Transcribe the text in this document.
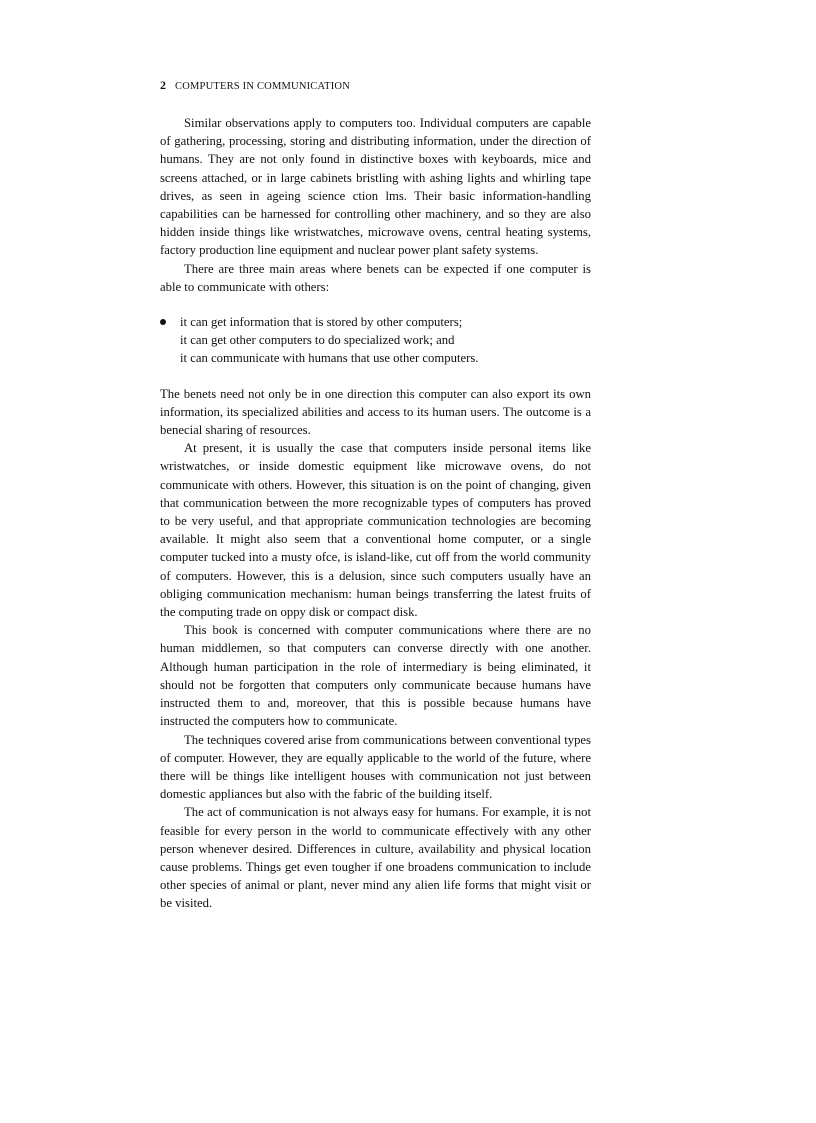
2 COMPUTERS IN COMMUNICATION

Similar observations apply to computers too. Individual computers are capable of gathering, processing, storing and distributing information, under the direction of humans. They are not only found in distinctive boxes with keyboards, mice and screens attached, or in large cabinets bristling with ashing lights and whirling tape drives, as seen in ageing science ction lms. Their basic information-handling capabilities can be harnessed for controlling other machinery, and so they are also hidden inside things like wristwatches, microwave ovens, central heating systems, factory production line equipment and nuclear power plant safety systems.

There are three main areas where benets can be expected if one computer is able to communicate with others:

it can get information that is stored by other computers;
it can get other computers to do specialized work; and
it can communicate with humans that use other computers.

The benets need not only be in one direction this computer can also export its own information, its specialized abilities and access to its human users. The outcome is a benecial sharing of resources.

At present, it is usually the case that computers inside personal items like wristwatches, or inside domestic equipment like microwave ovens, do not communicate with others. However, this situation is on the point of changing, given that communication between the more recognizable types of computers has proved to be very useful, and that appropriate communication technologies are becoming available. It might also seem that a conventional home computer, or a single computer tucked into a musty ofce, is island-like, cut off from the world community of computers. However, this is a delusion, since such computers usually have an obliging communication mechanism: human beings transferring the latest fruits of the computing trade on oppy disk or compact disk.

This book is concerned with computer communications where there are no human middlemen, so that computers can converse directly with one another. Although human participation in the role of intermediary is being eliminated, it should not be forgotten that computers only communicate because humans have instructed them to and, moreover, that this is possible because humans have instructed the computers how to communicate.

The techniques covered arise from communications between conventional types of computer. However, they are equally applicable to the world of the future, where there will be things like intelligent houses with communication not just between domestic appliances but also with the fabric of the building itself.

The act of communication is not always easy for humans. For example, it is not feasible for every person in the world to communicate effectively with any other person whenever desired. Differences in culture, availability and physical location cause problems. Things get even tougher if one broadens communication to include other species of animal or plant, never mind any alien life forms that might visit or be visited.
